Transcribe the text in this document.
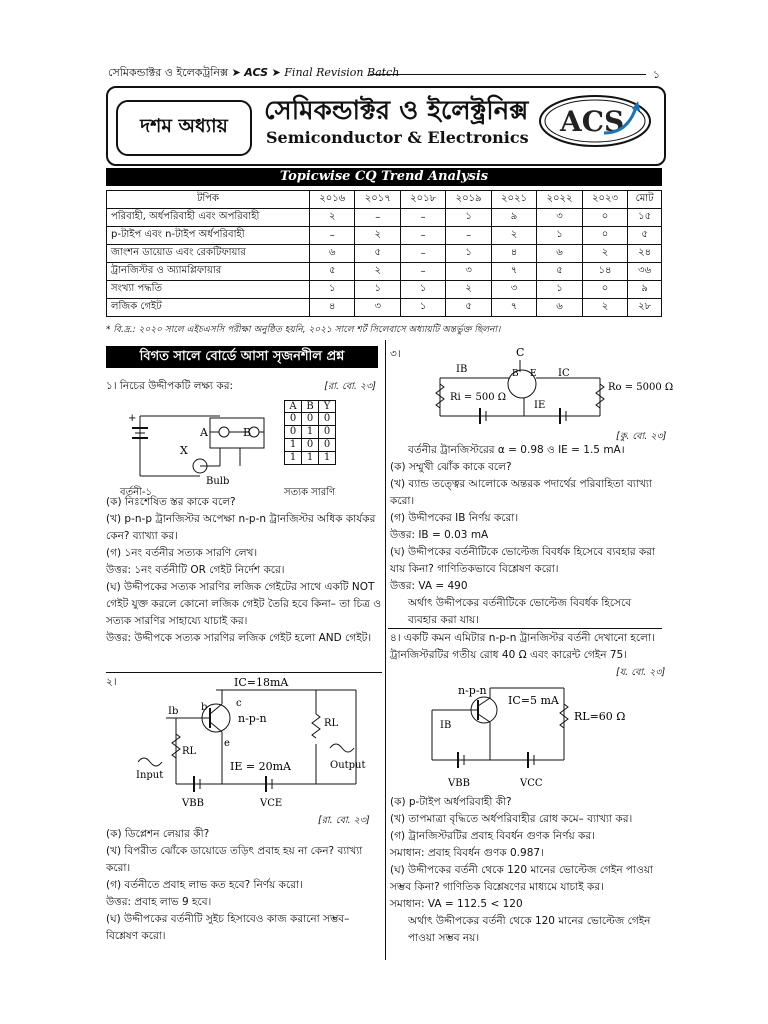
সেমিকন্ডাক্টর ও ইলেকট্রনিক্স ➤ ACS ➤ Final Revision Batch	১
দশম অধ্যায়	সেমিকন্ডাক্টর ও ইলেক্ট্রনিক্স
Semiconductor & Electronics ACS
Topicwise CQ Trend Analysis
টপিক	২০১৬	২০১৭	২০১৮	২০১৯	২০২১	২০২২	২০২৩	মোট
পরিবাহী, অর্ধপরিবাহী এবং অপরিবাহী	২	–	–	১	৯	৩	০	১৫
p-টাইপ এবং n-টাইপ অর্ধপরিবাহী	–	২	–	–	২	১	০	৫
জাংশন ডায়োড এবং রেকটিফায়ার	৬	৫	–	১	৪	৬	২	২৪
ট্রানজিস্টর ও অ্যামপ্লিফায়ার	৫	২	–	৩	৭	৫	১৪	৩৬
সংখ্যা পদ্ধতি	১	১	১	২	৩	১	০	৯
লজিক গেইট	৪	৩	১	৫	৭	৬	২	২৮
* বি.দ্র.: ২০২০ সালে এইচএসসি পরীক্ষা অনুষ্ঠিত হয়নি, ২০২১ সালে শর্ট সিলেবাসে অধ্যায়টি অন্তর্ভুক্ত ছিলনা।
বিগত সালে বোর্ডে আসা সৃজনশীল প্রশ্ন
১। নিচের উদ্দীপকটি লক্ষ্য কর:	[রা. বো. ২৩]
+
A	B
X
Bulb
বর্তনী-১
A	B	Y
0	0	0
0	1	0
1	0	0
1	1	1
সত্যক সারণি
(ক) নিঃশেষিত স্তর কাকে বলে?
(খ) p-n-p ট্রানজিস্টর অপেক্ষা n-p-n ট্রানজিস্টর অধিক কার্যকর কেন? ব্যাখ্যা কর।
(গ) ১নং বর্তনীর সত্যক সারণি লেখ।
উত্তর: ১নং বর্তনীটি OR গেইট নির্দেশ করে।
(ঘ) উদ্দীপকের সত্যক সারণির লজিক গেইটের সাথে একটি NOT গেইট যুক্ত করলে কোনো লজিক গেইট তৈরি হবে কিনা– তা চিত্র ও সত্যক সারণির সাহায্যে যাচাই কর।
উত্তর: উদ্দীপকে সত্যক সারণির লজিক গেইট হলো AND গেইট।
২।	IC=18mA
c
b
e
n-p-n
Ib
RL
Input
IE = 20mA
RL
Output
VBB	VCE
[রা. বো. ২৩]
(ক) ডিপ্লেশন লেয়ার কী?
(খ) বিপরীত ঝোঁকে ডায়োডে তড়িৎ প্রবাহ হয় না কেন? ব্যাখ্যা করো।
(গ) বর্তনীতে প্রবাহ লাভ কত হবে? নির্ণয় করো।
উত্তর: প্রবাহ লাভ 9 হবে।
(ঘ) উদ্দীপকের বর্তনীটি সুইচ হিসাবেও কাজ করানো সম্ভব– বিশ্লেষণ করো।
৩।	C
IB	B E IC
IE
Ri = 500 Ω
Ro = 5000 Ω
[কু. বো. ২৩]
বর্তনীর ট্রানজিস্টরের α = 0.98 ও IE = 1.5 mA।
(ক) সম্মুখী ঝোঁক কাকে বলে?
(খ) ব্যান্ড তত্ত্বের আলোকে অন্তরক পদার্থের পরিবাহিতা ব্যাখ্যা করো।
(গ) উদ্দীপকের IB নির্ণয় করো।
উত্তর: IB = 0.03 mA
(ঘ) উদ্দীপকের বর্তনীটিকে ভোল্টেজ বিবর্ধক হিসেবে ব্যবহার করা যায় কিনা? গাণিতিকভাবে বিশ্লেষণ করো।
উত্তর: VA = 490
অর্থাৎ উদ্দীপকের বর্তনীটিকে ভোল্টেজ বিবর্ধক হিসেবে ব্যবহার করা যায়।
৪। একটি কমন এমিটার n-p-n ট্রানজিস্টর বর্তনী দেখানো হলো। ট্রানজিস্টরটির গতীয় রোধ 40 Ω এবং কারেন্ট গেইন 75।
[য. বো. ২৩]
n-p-n
IC=5 mA
RL=60 Ω
IB
VBB	VCC
(ক) p-টাইপ অর্ধপরিবাহী কী?
(খ) তাপমাত্রা বৃদ্ধিতে অর্ধপরিবাহীর রোধ কমে– ব্যাখ্যা কর।
(গ) ট্রানজিস্টরটির প্রবাহ বিবর্ধন গুণক নির্ণয় কর।
সমাধান: প্রবাহ বিবর্ধন গুণক 0.987।
(ঘ) উদ্দীপকের বর্তনী থেকে 120 মানের ভোল্টেজ গেইন পাওয়া সম্ভব কিনা? গাণিতিক বিশ্লেষণের মাধ্যমে যাচাই কর।
সমাধান: VA = 112.5 < 120
অর্থাৎ উদ্দীপকের বর্তনী থেকে 120 মানের ভোল্টেজ গেইন পাওয়া সম্ভব নয়।
